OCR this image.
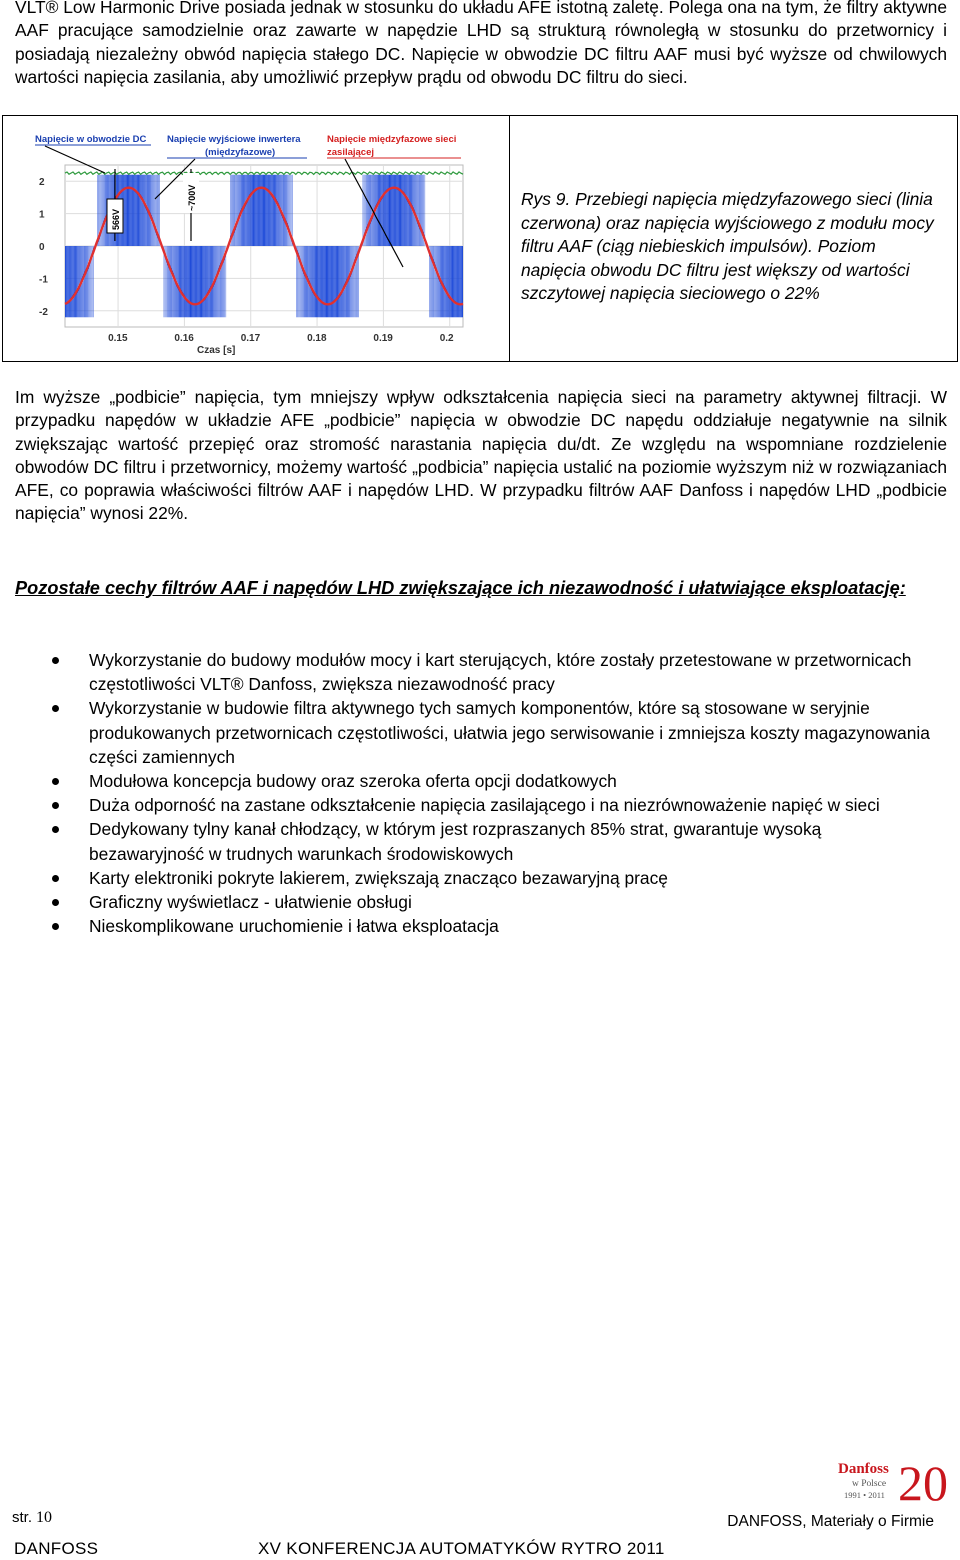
VLT® Low Harmonic Drive posiada jednak w stosunku do układu AFE istotną zaletę. Polega ona na tym, że filtry aktywne AAF pracujące samodzielnie oraz zawarte w napędzie LHD są strukturą równoległą w stosunku do przetwornicy i posiadają niezależny obwód napięcia stałego DC. Napięcie w obwodzie DC filtru AAF musi być wyższe od chwilowych wartości napięcia zasilania, aby umożliwić przepływ prądu od obwodu DC filtru do sieci.

0.15	0.16	0.17	0.18	0.19	0.2
2
1
0
-1
-2
Czas [s]
Napięcie w obwodzie DC Napięcie wyjściowe inwertera
(międzyfazowe)
Napięcie międzyfazowe sieci
zasilającej
566V
~700V	Rys 9. Przebiegi napięcia międzyfazowego sieci (linia czerwona) oraz napięcia wyjściowego z modułu mocy filtru AAF (ciąg niebieskich impulsów). Poziom napięcia obwodu DC filtru jest większy od wartości szczytowej napięcia sieciowego o 22%

Im wyższe „podbicie” napięcia, tym mniejszy wpływ odkształcenia napięcia sieci na parametry aktywnej filtracji. W przypadku napędów w układzie AFE „podbicie” napięcia w obwodzie DC napędu oddziałuje negatywnie na silnik zwiększając wartość przepięć oraz stromość narastania napięcia du/dt. Ze względu na wspomniane rozdzielenie obwodów DC filtru i przetwornicy, możemy wartość „podbicia” napięcia ustalić na poziomie wyższym niż w rozwiązaniach AFE, co poprawia właściwości filtrów AAF i napędów LHD. W przypadku filtrów AAF Danfoss i napędów LHD „podbicie napięcia” wynosi 22%.

Pozostałe cechy filtrów AAF i napędów LHD zwiększające ich niezawodność i ułatwiające eksploatację:

Wykorzystanie do budowy modułów mocy i kart sterujących, które zostały przetestowane w przetwornicach częstotliwości VLT® Danfoss, zwiększa niezawodność pracy
Wykorzystanie w budowie filtra aktywnego tych samych komponentów, które są stosowane w seryjnie produkowanych przetwornicach częstotliwości, ułatwia jego serwisowanie i zmniejsza koszty magazynowania części zamiennych
Modułowa koncepcja budowy oraz szeroka oferta opcji dodatkowych
Duża odporność na zastane odkształcenie napięcia zasilającego i na niezrównoważenie napięć w sieci
Dedykowany tylny kanał chłodzący, w którym jest rozpraszanych 85% strat, gwarantuje wysoką bezawaryjność w trudnych warunkach środowiskowych
Karty elektroniki pokryte lakierem, zwiększają znacząco bezawaryjną pracę
Graficzny wyświetlacz - ułatwienie obsługi
Nieskomplikowane uruchomienie i łatwa eksploatacja
Danfoss
w Polsce
1991 • 2011 20
str. 10	DANFOSS, Materiały o Firmie
DANFOSS	XV KONFERENCJA AUTOMATYKÓW RYTRO 2011
